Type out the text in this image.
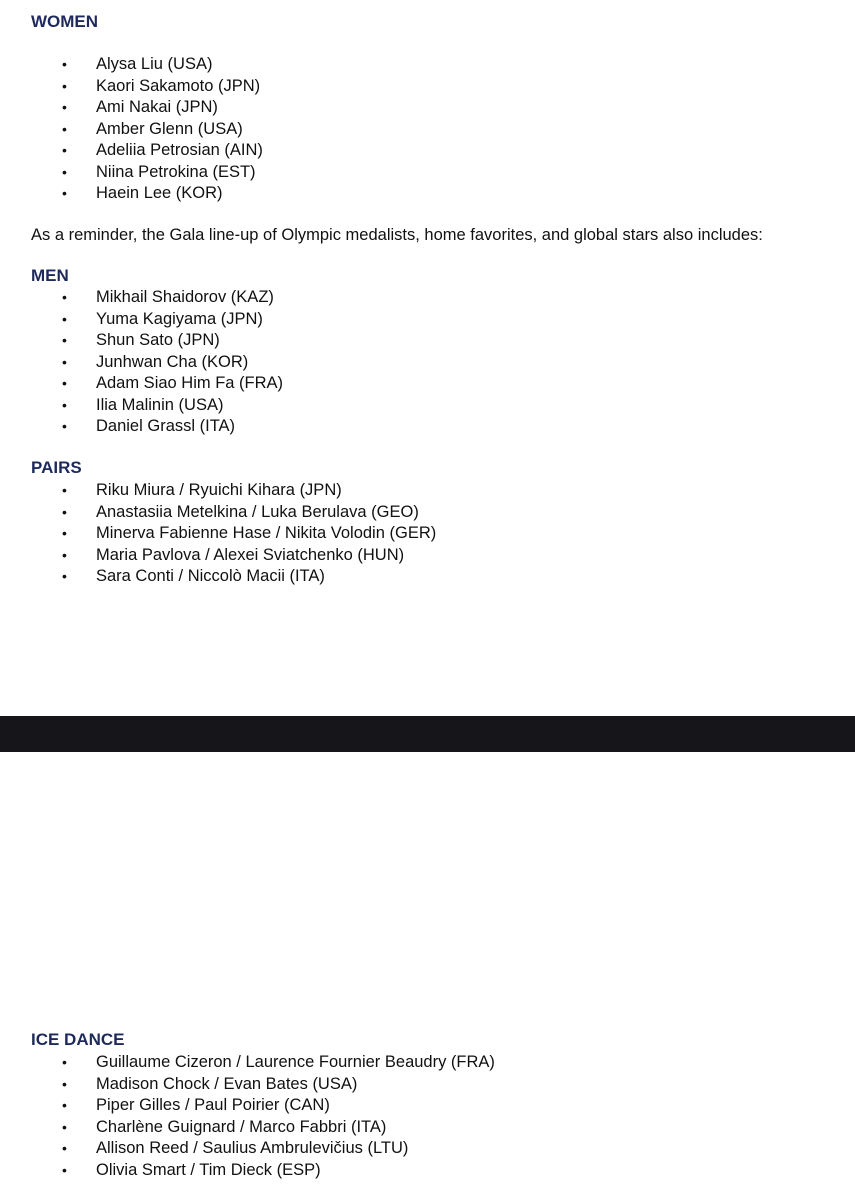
WOMEN
• Alysa Liu (USA)
• Kaori Sakamoto (JPN)
• Ami Nakai (JPN)
• Amber Glenn (USA)
• Adeliia Petrosian (AIN)
• Niina Petrokina (EST)
• Haein Lee (KOR)

As a reminder, the Gala line-up of Olympic medalists, home favorites, and global stars also includes:

MEN
• Mikhail Shaidorov (KAZ)
• Yuma Kagiyama (JPN)
• Shun Sato (JPN)
• Junhwan Cha (KOR)
• Adam Siao Him Fa (FRA)
• Ilia Malinin (USA)
• Daniel Grassl (ITA)
PAIRS
• Riku Miura / Ryuichi Kihara (JPN)
• Anastasiia Metelkina / Luka Berulava (GEO)
• Minerva Fabienne Hase / Nikita Volodin (GER)
• Maria Pavlova / Alexei Sviatchenko (HUN)
• Sara Conti / Niccolò Macii (ITA)
ICE DANCE
• Guillaume Cizeron / Laurence Fournier Beaudry (FRA)
• Madison Chock / Evan Bates (USA)
• Piper Gilles / Paul Poirier (CAN)
• Charlène Guignard / Marco Fabbri (ITA)
• Allison Reed / Saulius Ambrulevičius (LTU)
• Olivia Smart / Tim Dieck (ESP)
